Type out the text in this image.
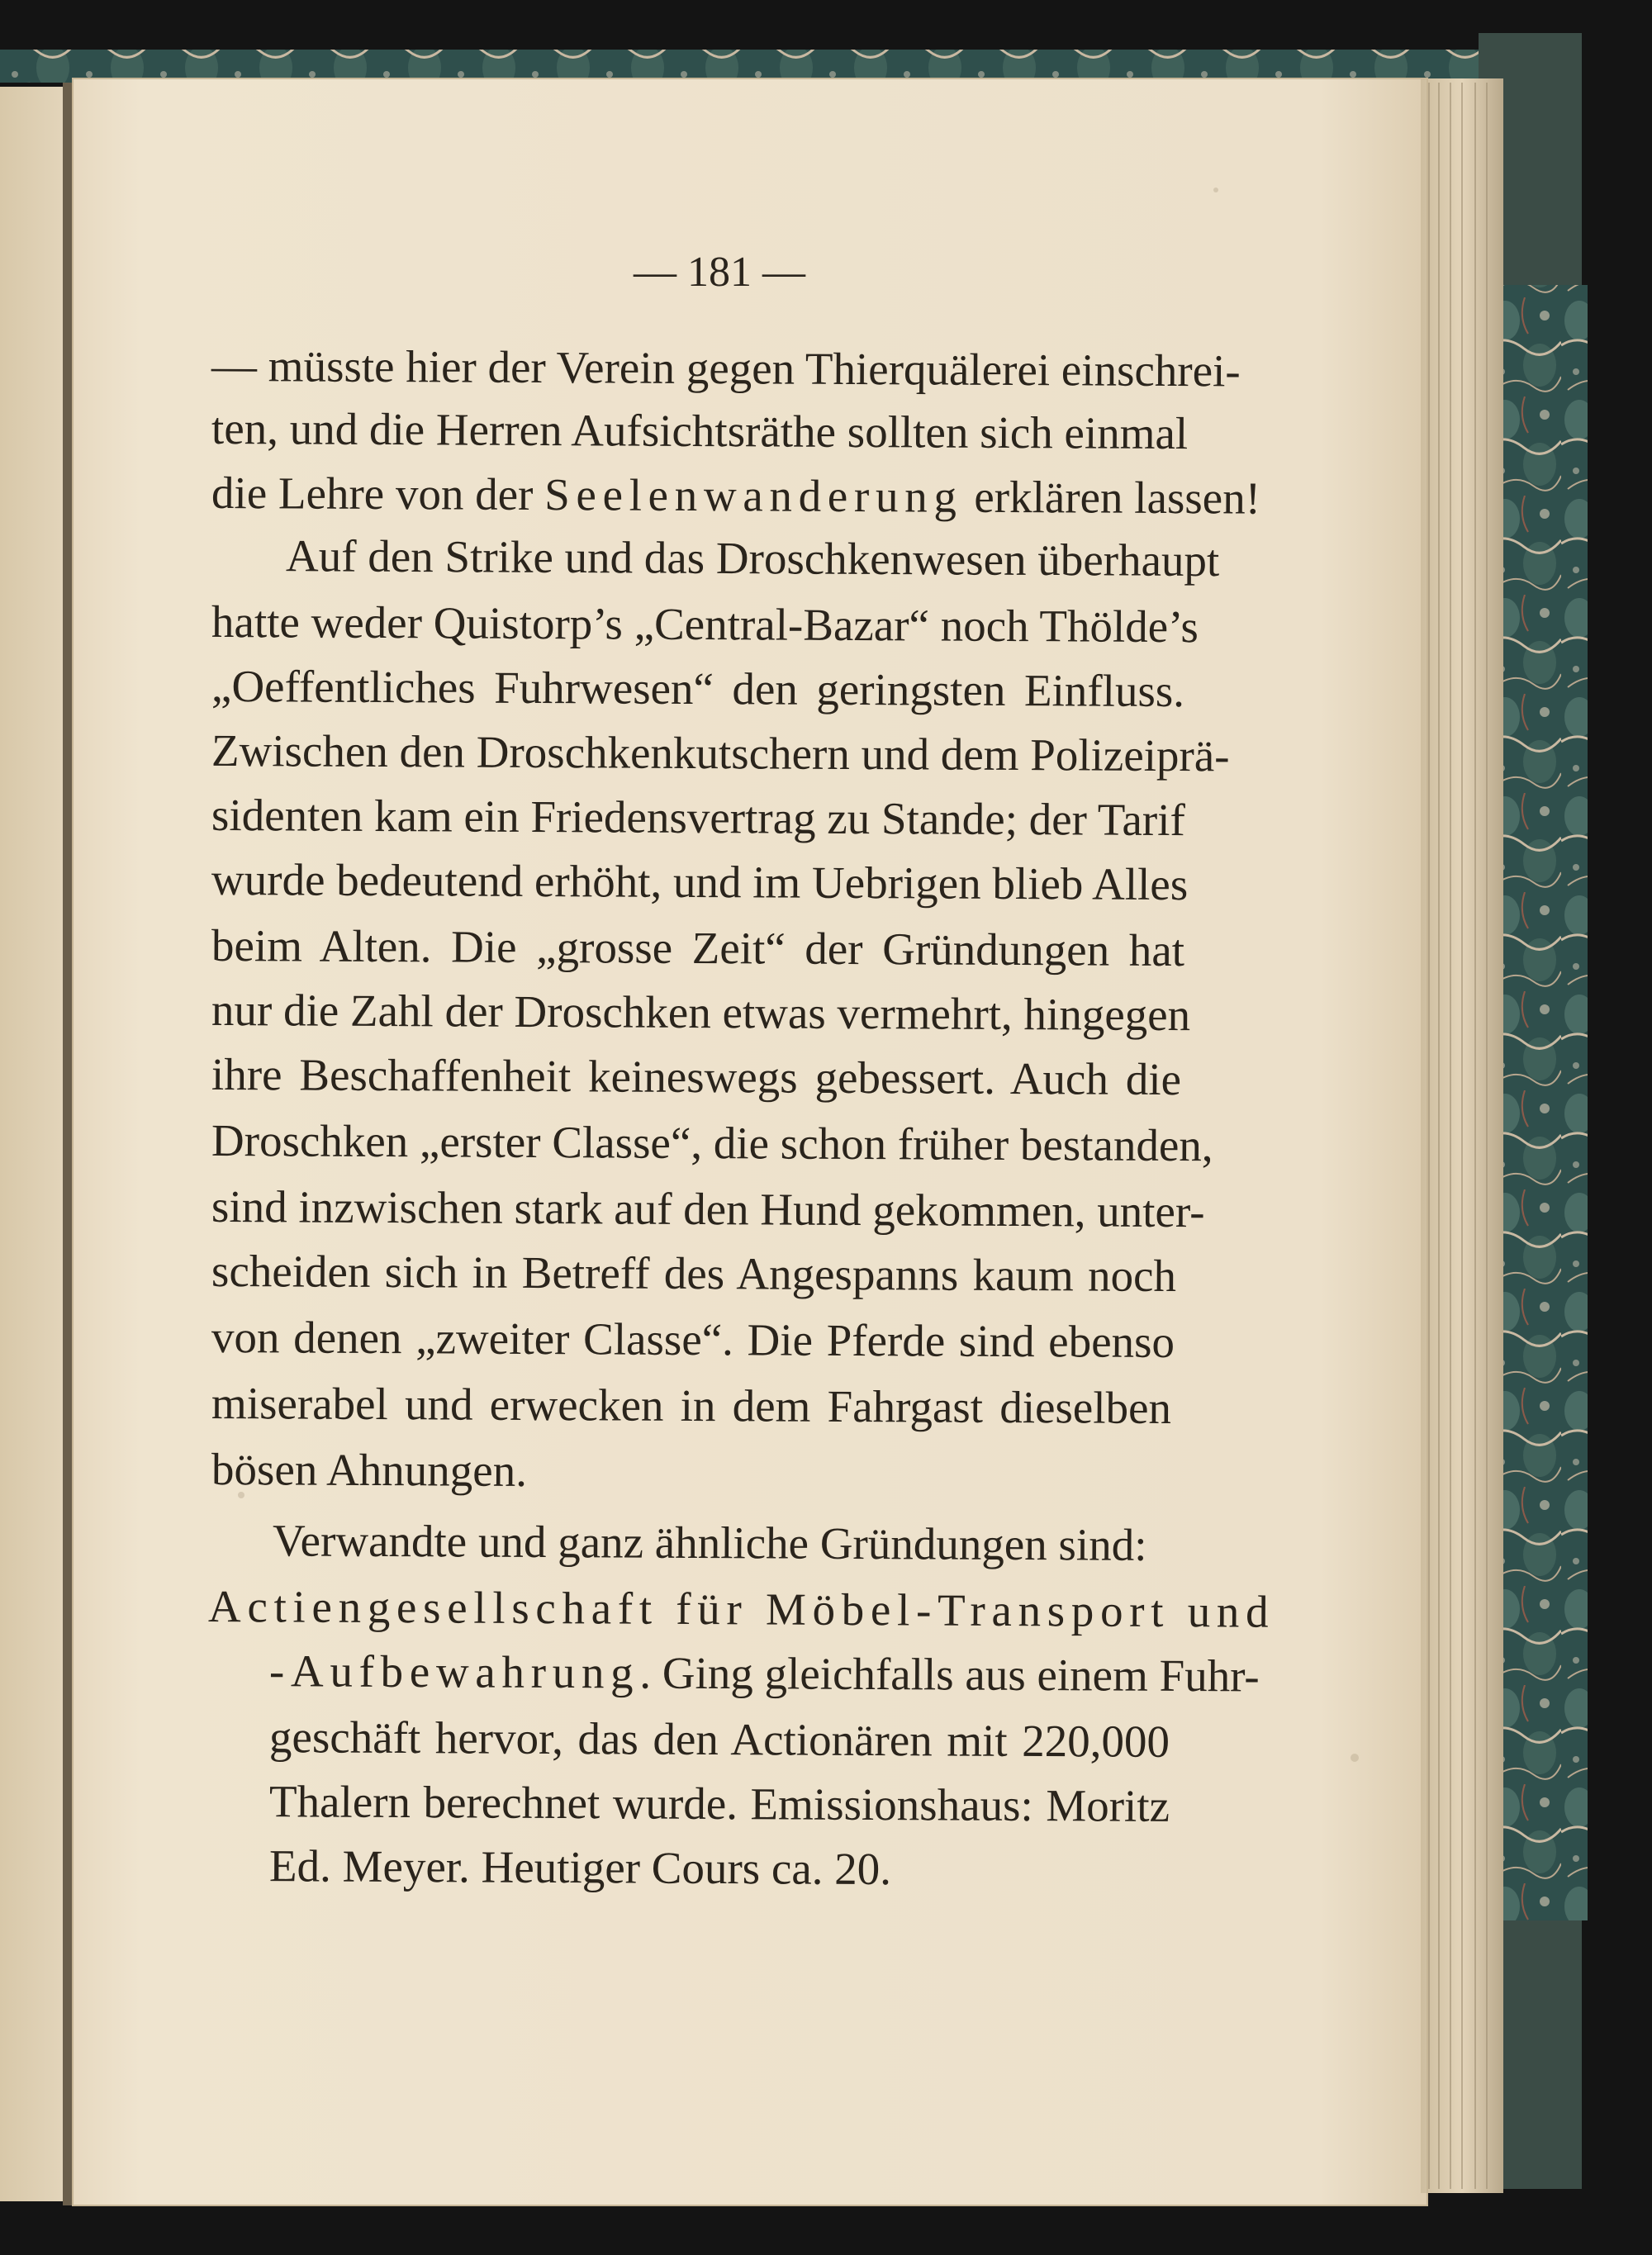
— 181 —
— müsste hier der Verein gegen Thierquälerei einschrei-
ten, und die Herren Aufsichtsräthe sollten sich einmal
die Lehre von der Seelenwanderung erklären lassen!
Auf den Strike und das Droschkenwesen überhaupt
hatte weder Quistorp’s „Central-Bazar“ noch Thölde’s
„Oeffentliches Fuhrwesen“ den geringsten Einfluss.
Zwischen den Droschkenkutschern und dem Polizeiprä-
sidenten kam ein Friedensvertrag zu Stande; der Tarif
wurde bedeutend erhöht, und im Uebrigen blieb Alles
beim Alten. Die „grosse Zeit“ der Gründungen hat
nur die Zahl der Droschken etwas vermehrt, hingegen
ihre Beschaffenheit keineswegs gebessert. Auch die
Droschken „erster Classe“, die schon früher bestanden,
sind inzwischen stark auf den Hund gekommen, unter-
scheiden sich in Betreff des Angespanns kaum noch
von denen „zweiter Classe“. Die Pferde sind ebenso
miserabel und erwecken in dem Fahrgast dieselben
bösen Ahnungen.
Verwandte und ganz ähnliche Gründungen sind:
Actiengesellschaft für Möbel-Transport und
-Aufbewahrung. Ging gleichfalls aus einem Fuhr-
geschäft hervor, das den Actionären mit 220,000
Thalern berechnet wurde. Emissionshaus: Moritz
Ed. Meyer. Heutiger Cours ca. 20.
